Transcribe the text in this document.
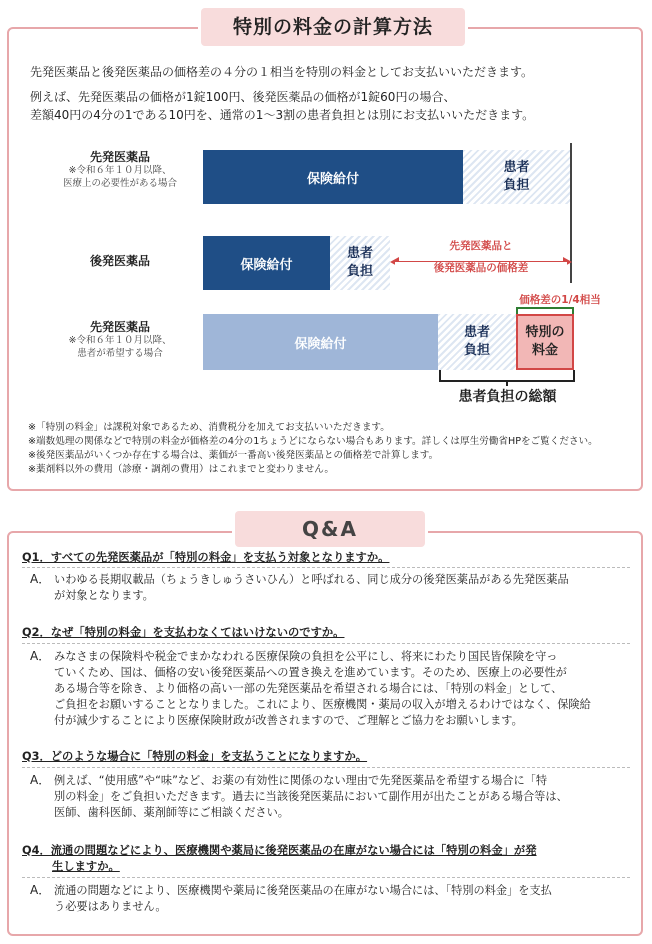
特別の料金の計算方法
先発医薬品と後発医薬品の価格差の４分の１相当を特別の料金としてお支払いいただきます。
例えば、先発医薬品の価格が1錠100円、後発医薬品の価格が1錠60円の場合、
差額40円の4分の1である10円を、通常の1～3割の患者負担とは別にお支払いいただきます。
先発医薬品
※令和６年１０月以降、
医療上の必要性がある場合	保険給付
患者
負担
後発医薬品	保険給付
患者
負担
先発医薬品と
後発医薬品の価格差
価格差の1/4相当
先発医薬品
※令和６年１０月以降、
患者が希望する場合
保険給付
患者
負担
特別の
料金
患者負担の総額
※「特別の料金」は課税対象であるため、消費税分を加えてお支払いいただきます。
※端数処理の関係などで特別の料金が価格差の4分の1ちょうどにならない場合もあります。詳しくは厚生労働省HPをご覧ください。
※後発医薬品がいくつか存在する場合は、薬価が一番高い後発医薬品との価格差で計算します。
※薬剤料以外の費用（診療・調剤の費用）はこれまでと変わりません。
Q&A
Q1．すべての先発医薬品が「特別の料金」を支払う対象となりますか。
A． いわゆる長期収載品（ちょうきしゅうさいひん）と呼ばれる、同じ成分の後発医薬品がある先発医薬品
が対象となります。
Q2．なぜ「特別の料金」を支払わなくてはいけないのですか。
A． みなさまの保険料や税金でまかなわれる医療保険の負担を公平にし、将来にわたり国民皆保険を守っ
ていくため、国は、価格の安い後発医薬品への置き換えを進めています。そのため、医療上の必要性が
ある場合等を除き、より価格の高い一部の先発医薬品を希望される場合には、「特別の料金」として、
ご負担をお願いすることとなりました。これにより、医療機関・薬局の収入が増えるわけではなく、保険給
付が減少することにより医療保険財政が改善されますので、ご理解とご協力をお願いします。
Q3．どのような場合に「特別の料金」を支払うことになりますか。
A． 例えば、“使用感”や“味”など、お薬の有効性に関係のない理由で先発医薬品を希望する場合に「特
別の料金」をご負担いただきます。過去に当該後発医薬品において副作用が出たことがある場合等は、
医師、歯科医師、薬剤師等にご相談ください。
Q4．流通の問題などにより、医療機関や薬局に後発医薬品の在庫がない場合には「特別の料金」が発
生しますか。
A． 流通の問題などにより、医療機関や薬局に後発医薬品の在庫がない場合には、「特別の料金」を支払
う必要はありません。
